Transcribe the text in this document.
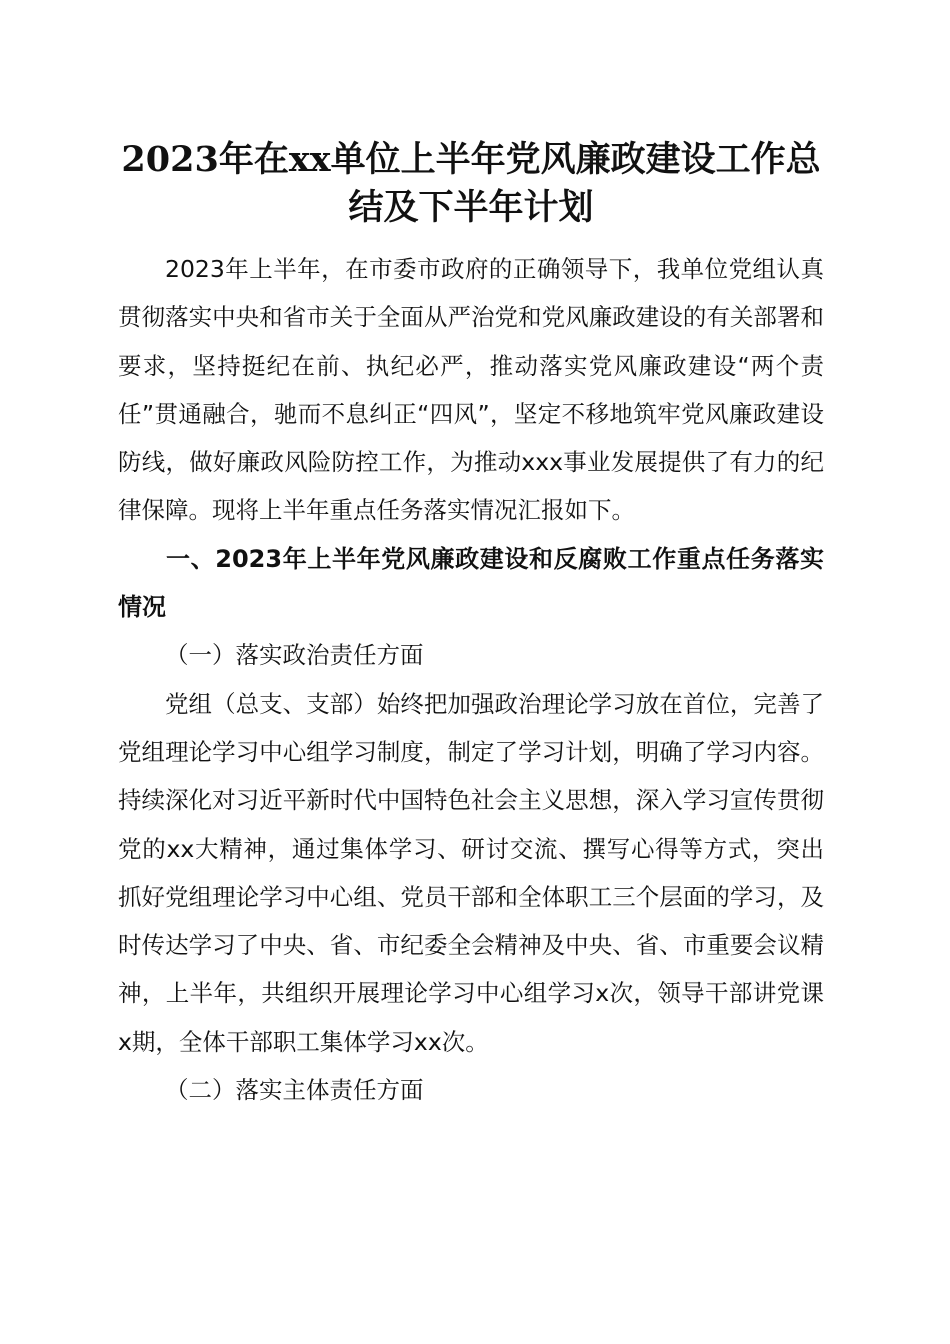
2023年在xx单位上半年党风廉政建设工作总结及下半年计划

2023年上半年，在市委市政府的正确领导下，我单位党组认真贯彻落实中央和省市关于全面从严治党和党风廉政建设的有关部署和要求，坚持挺纪在前、执纪必严，推动落实党风廉政建设“两个责任”贯通融合，驰而不息纠正“四风”，坚定不移地筑牢党风廉政建设防线，做好廉政风险防控工作，为推动xxx事业发展提供了有力的纪律保障。现将上半年重点任务落实情况汇报如下。

一、2023年上半年党风廉政建设和反腐败工作重点任务落实情况

（一）落实政治责任方面

党组（总支、支部）始终把加强政治理论学习放在首位，完善了党组理论学习中心组学习制度，制定了学习计划，明确了学习内容。持续深化对习近平新时代中国特色社会主义思想，深入学习宣传贯彻党的xx大精神，通过集体学习、研讨交流、撰写心得等方式，突出抓好党组理论学习中心组、党员干部和全体职工三个层面的学习，及时传达学习了中央、省、市纪委全会精神及中央、省、市重要会议精神，上半年，共组织开展理论学习中心组学习x次，领导干部讲党课x期，全体干部职工集体学习xx次。

（二）落实主体责任方面
